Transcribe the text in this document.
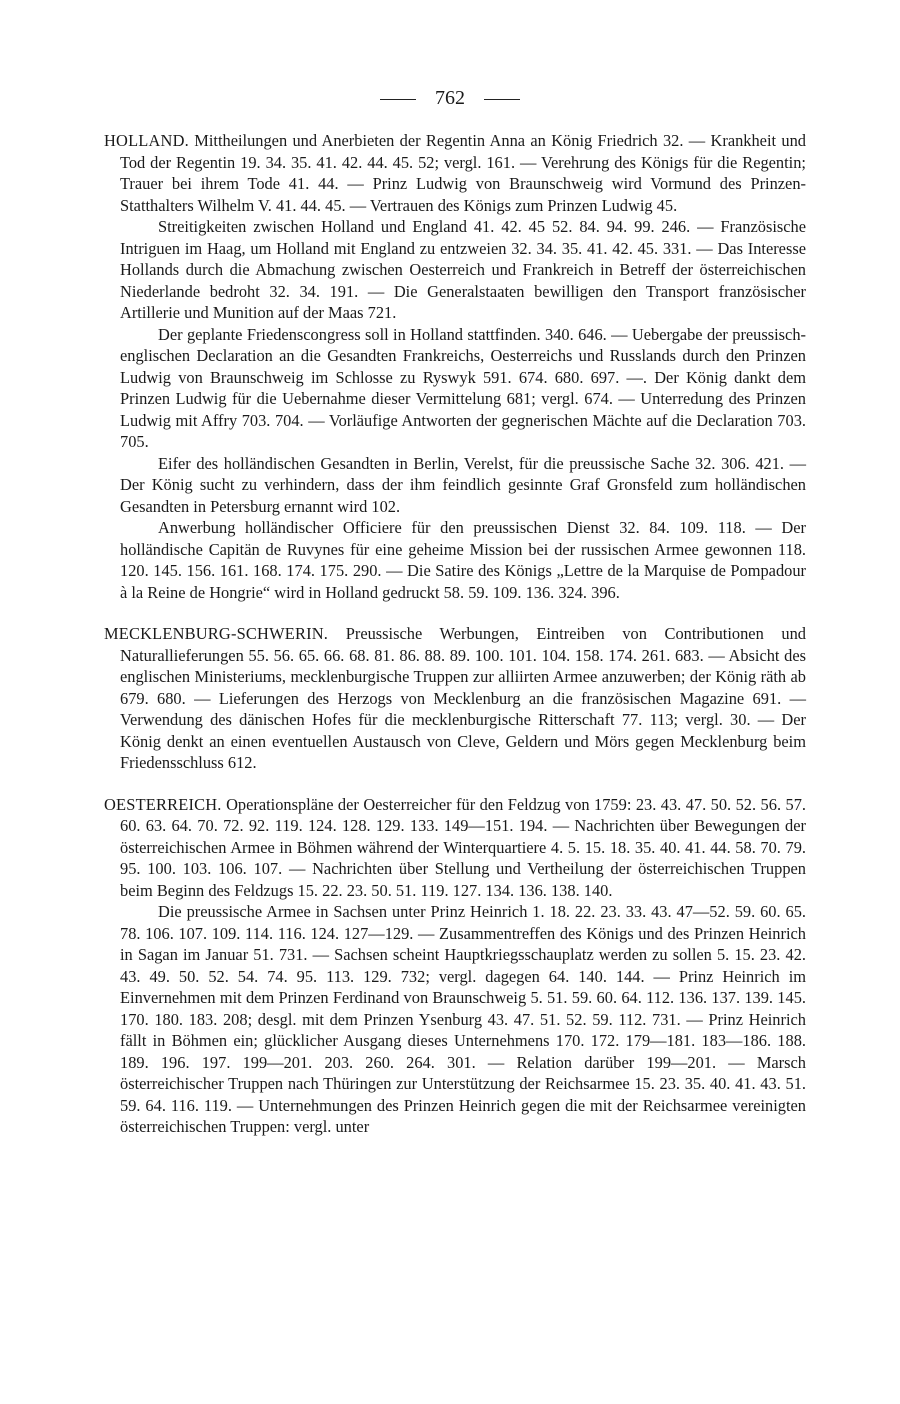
762

HOLLAND. Mittheilungen und Anerbieten der Regentin Anna an König Friedrich 32. — Krankheit und Tod der Regentin 19. 34. 35. 41. 42. 44. 45. 52; vergl. 161. — Verehrung des Königs für die Regentin; Trauer bei ihrem Tode 41. 44. — Prinz Ludwig von Braunschweig wird Vormund des Prinzen-Statthalters Wilhelm V. 41. 44. 45. — Vertrauen des Königs zum Prinzen Ludwig 45.

Streitigkeiten zwischen Holland und England 41. 42. 45 52. 84. 94. 99. 246. — Französische Intriguen im Haag, um Holland mit England zu entzweien 32. 34. 35. 41. 42. 45. 331. — Das Interesse Hollands durch die Abmachung zwischen Oesterreich und Frankreich in Betreff der österreichischen Niederlande bedroht 32. 34. 191. — Die Generalstaaten bewilligen den Transport französischer Artillerie und Munition auf der Maas 721.

Der geplante Friedenscongress soll in Holland stattfinden. 340. 646. — Uebergabe der preussisch-englischen Declaration an die Gesandten Frankreichs, Oesterreichs und Russlands durch den Prinzen Ludwig von Braunschweig im Schlosse zu Ryswyk 591. 674. 680. 697. —. Der König dankt dem Prinzen Ludwig für die Uebernahme dieser Vermittelung 681; vergl. 674. — Unterredung des Prinzen Ludwig mit Affry 703. 704. — Vorläufige Antworten der gegnerischen Mächte auf die Declaration 703. 705.

Eifer des holländischen Gesandten in Berlin, Verelst, für die preussische Sache 32. 306. 421. — Der König sucht zu verhindern, dass der ihm feindlich gesinnte Graf Gronsfeld zum holländischen Gesandten in Petersburg ernannt wird 102.

Anwerbung holländischer Officiere für den preussischen Dienst 32. 84. 109. 118. — Der holländische Capitän de Ruvynes für eine geheime Mission bei der russischen Armee gewonnen 118. 120. 145. 156. 161. 168. 174. 175. 290. — Die Satire des Königs „Lettre de la Marquise de Pompadour à la Reine de Hongrie“ wird in Holland gedruckt 58. 59. 109. 136. 324. 396.

MECKLENBURG-SCHWERIN. Preussische Werbungen, Eintreiben von Contributionen und Naturallieferungen 55. 56. 65. 66. 68. 81. 86. 88. 89. 100. 101. 104. 158. 174. 261. 683. — Absicht des englischen Ministeriums, mecklenburgische Truppen zur alliirten Armee anzuwerben; der König räth ab 679. 680. — Lieferungen des Herzogs von Mecklenburg an die französischen Magazine 691. — Verwendung des dänischen Hofes für die mecklenburgische Ritterschaft 77. 113; vergl. 30. — Der König denkt an einen eventuellen Austausch von Cleve, Geldern und Mörs gegen Mecklenburg beim Friedensschluss 612.

OESTERREICH. Operationspläne der Oesterreicher für den Feldzug von 1759: 23. 43. 47. 50. 52. 56. 57. 60. 63. 64. 70. 72. 92. 119. 124. 128. 129. 133. 149—151. 194. — Nachrichten über Bewegungen der österreichischen Armee in Böhmen während der Winterquartiere 4. 5. 15. 18. 35. 40. 41. 44. 58. 70. 79. 95. 100. 103. 106. 107. — Nachrichten über Stellung und Vertheilung der österreichischen Truppen beim Beginn des Feldzugs 15. 22. 23. 50. 51. 119. 127. 134. 136. 138. 140.

Die preussische Armee in Sachsen unter Prinz Heinrich 1. 18. 22. 23. 33. 43. 47—52. 59. 60. 65. 78. 106. 107. 109. 114. 116. 124. 127—129. — Zusammentreffen des Königs und des Prinzen Heinrich in Sagan im Januar 51. 731. — Sachsen scheint Hauptkriegsschauplatz werden zu sollen 5. 15. 23. 42. 43. 49. 50. 52. 54. 74. 95. 113. 129. 732; vergl. dagegen 64. 140. 144. — Prinz Heinrich im Einvernehmen mit dem Prinzen Ferdinand von Braunschweig 5. 51. 59. 60. 64. 112. 136. 137. 139. 145. 170. 180. 183. 208; desgl. mit dem Prinzen Ysenburg 43. 47. 51. 52. 59. 112. 731. — Prinz Heinrich fällt in Böhmen ein; glücklicher Ausgang dieses Unternehmens 170. 172. 179—181. 183—186. 188. 189. 196. 197. 199—201. 203. 260. 264. 301. — Relation darüber 199—201. — Marsch österreichischer Truppen nach Thüringen zur Unterstützung der Reichsarmee 15. 23. 35. 40. 41. 43. 51. 59. 64. 116. 119. — Unternehmungen des Prinzen Heinrich gegen die mit der Reichsarmee vereinigten österreichischen Truppen: vergl. unter
